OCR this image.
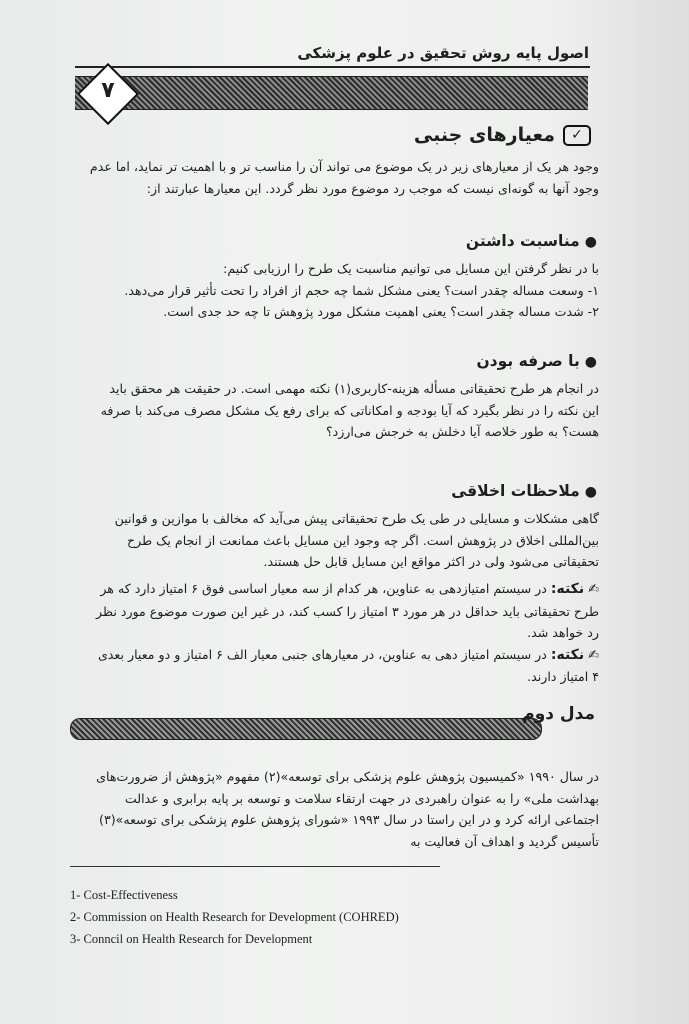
اصول پایه روش تحقیق در علوم پزشکی
۷
✓
معیارهای جنبی
وجود هر یک از معیارهای زیر در یک موضوع می تواند آن را مناسب تر و با اهمیت تر نماید، اما عدم وجود آنها به گونه‌ای نیست که موجب رد موضوع مورد نظر گردد. این معیارها عبارتند از:
●مناسبت داشتن
با در نظر گرفتن این مسایل می توانیم مناسبت یک طرح را ارزیابی کنیم:
۱- وسعت مساله چقدر است؟ یعنی مشکل شما چه حجم از افراد را تحت تأثیر قرار می‌دهد.
۲- شدت مساله چقدر است؟ یعنی اهمیت مشکل مورد پژوهش تا چه حد جدی است.
●با صرفه بودن
در انجام هر طرح تحقیقاتی مسأله هزینه-کاربری(۱) نکته مهمی است. در حقیقت هر محقق باید این نکته را در نظر بگیرد که آیا بودجه و امکاناتی که برای رفع یک مشکل مصرف می‌کند با صرفه هست؟ به طور خلاصه آیا دخلش به خرجش می‌ارزد؟
●ملاحظات اخلاقی
گاهی مشکلات و مسایلی در طی یک طرح تحقیقاتی پیش می‌آید که مخالف با موازین و قوانین بین‌المللی اخلاق در پژوهش است. اگر چه وجود این مسایل باعث ممانعت از انجام یک طرح تحقیقاتی می‌شود ولی در اکثر مواقع این مسایل قابل حل هستند.
✍ نکته: در سیستم امتیازدهی به عناوین، هر کدام از سه معیار اساسی فوق ۶ امتیاز دارد که هر طرح تحقیقاتی باید حداقل در هر مورد ۳ امتیاز را کسب کند، در غیر این صورت موضوع مورد نظر رد خواهد شد.
✍ نکته: در سیستم امتیاز دهی به عناوین، در معیارهای جنبی معیار الف ۶ امتیاز و دو معیار بعدی ۴ امتیاز دارند.
مدل دوم
در سال ۱۹۹۰ «کمیسیون پژوهش علوم پزشکی برای توسعه»(۲) مفهوم «پژوهش از ضرورت‌های بهداشت ملی» را به عنوان راهبردی در جهت ارتقاء سلامت و توسعه بر پایه برابری و عدالت اجتماعی ارائه کرد و در این راستا در سال ۱۹۹۳ «شورای پژوهش علوم پزشکی برای توسعه»(۳) تأسیس گردید و اهداف آن فعالیت به
1- Cost-Effectiveness
2- Commission on Health Research for Development (COHRED)
3- Conncil on Health Research for Development
